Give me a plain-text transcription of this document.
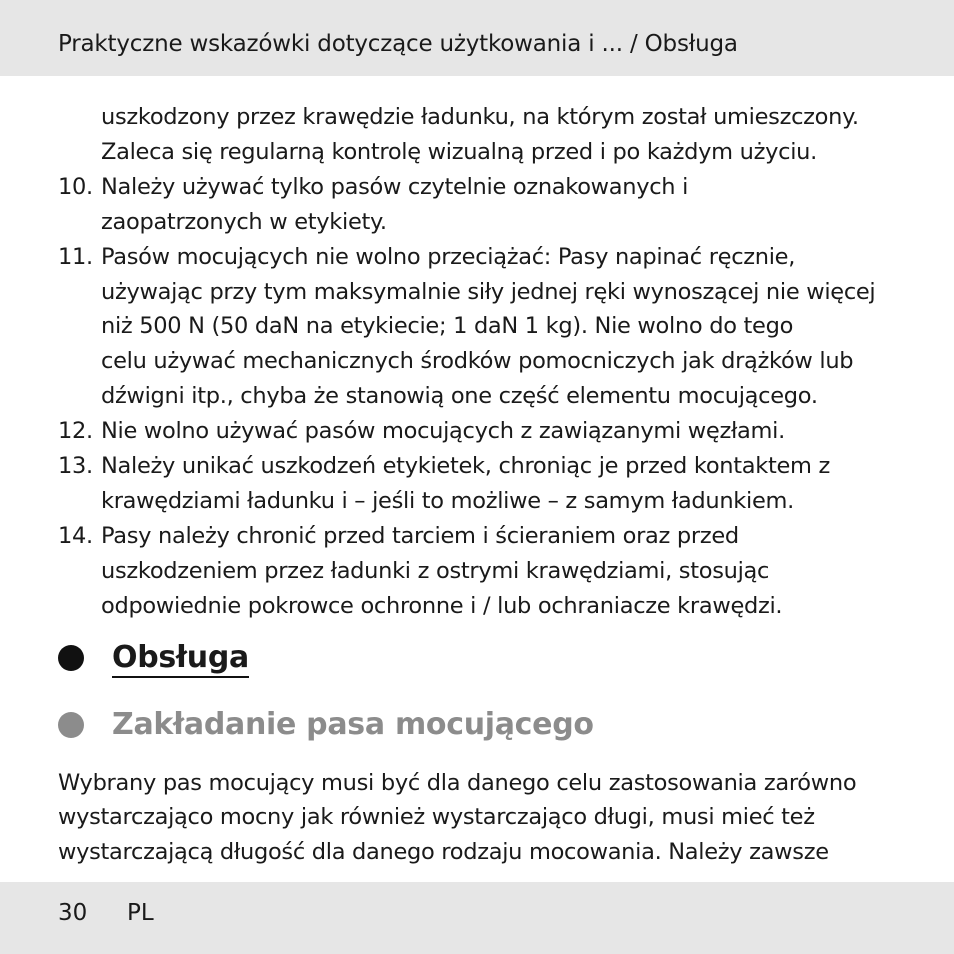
Praktyczne wskazówki dotyczące użytkowania i ... / Obsługa
uszkodzony przez krawędzie ładunku, na którym został umieszczony.
Zaleca się regularną kontrolę wizualną przed i po każdym użyciu.
10. Należy używać tylko pasów czytelnie oznakowanych i
zaopatrzonych w etykiety.
11. Pasów mocujących nie wolno przeciążać: Pasy napinać ręcznie,
używając przy tym maksymalnie siły jednej ręki wynoszącej nie więcej
niż 500 N (50 daN na etykiecie; 1 daN 1 kg). Nie wolno do tego
celu używać mechanicznych środków pomocniczych jak drążków lub
dźwigni itp., chyba że stanowią one część elementu mocującego.
12. Nie wolno używać pasów mocujących z zawiązanymi węzłami.
13. Należy unikać uszkodzeń etykietek, chroniąc je przed kontaktem z
krawędziami ładunku i – jeśli to możliwe – z samym ładunkiem.
14. Pasy należy chronić przed tarciem i ścieraniem oraz przed
uszkodzeniem przez ładunki z ostrymi krawędziami, stosując
odpowiednie pokrowce ochronne i / lub ochraniacze krawędzi.
Obsługa
Zakładanie pasa mocującego
Wybrany pas mocujący musi być dla danego celu zastosowania zarówno
wystarczająco mocny jak również wystarczająco długi, musi mieć też
wystarczającą długość dla danego rodzaju mocowania. Należy zawsze
30 PL
